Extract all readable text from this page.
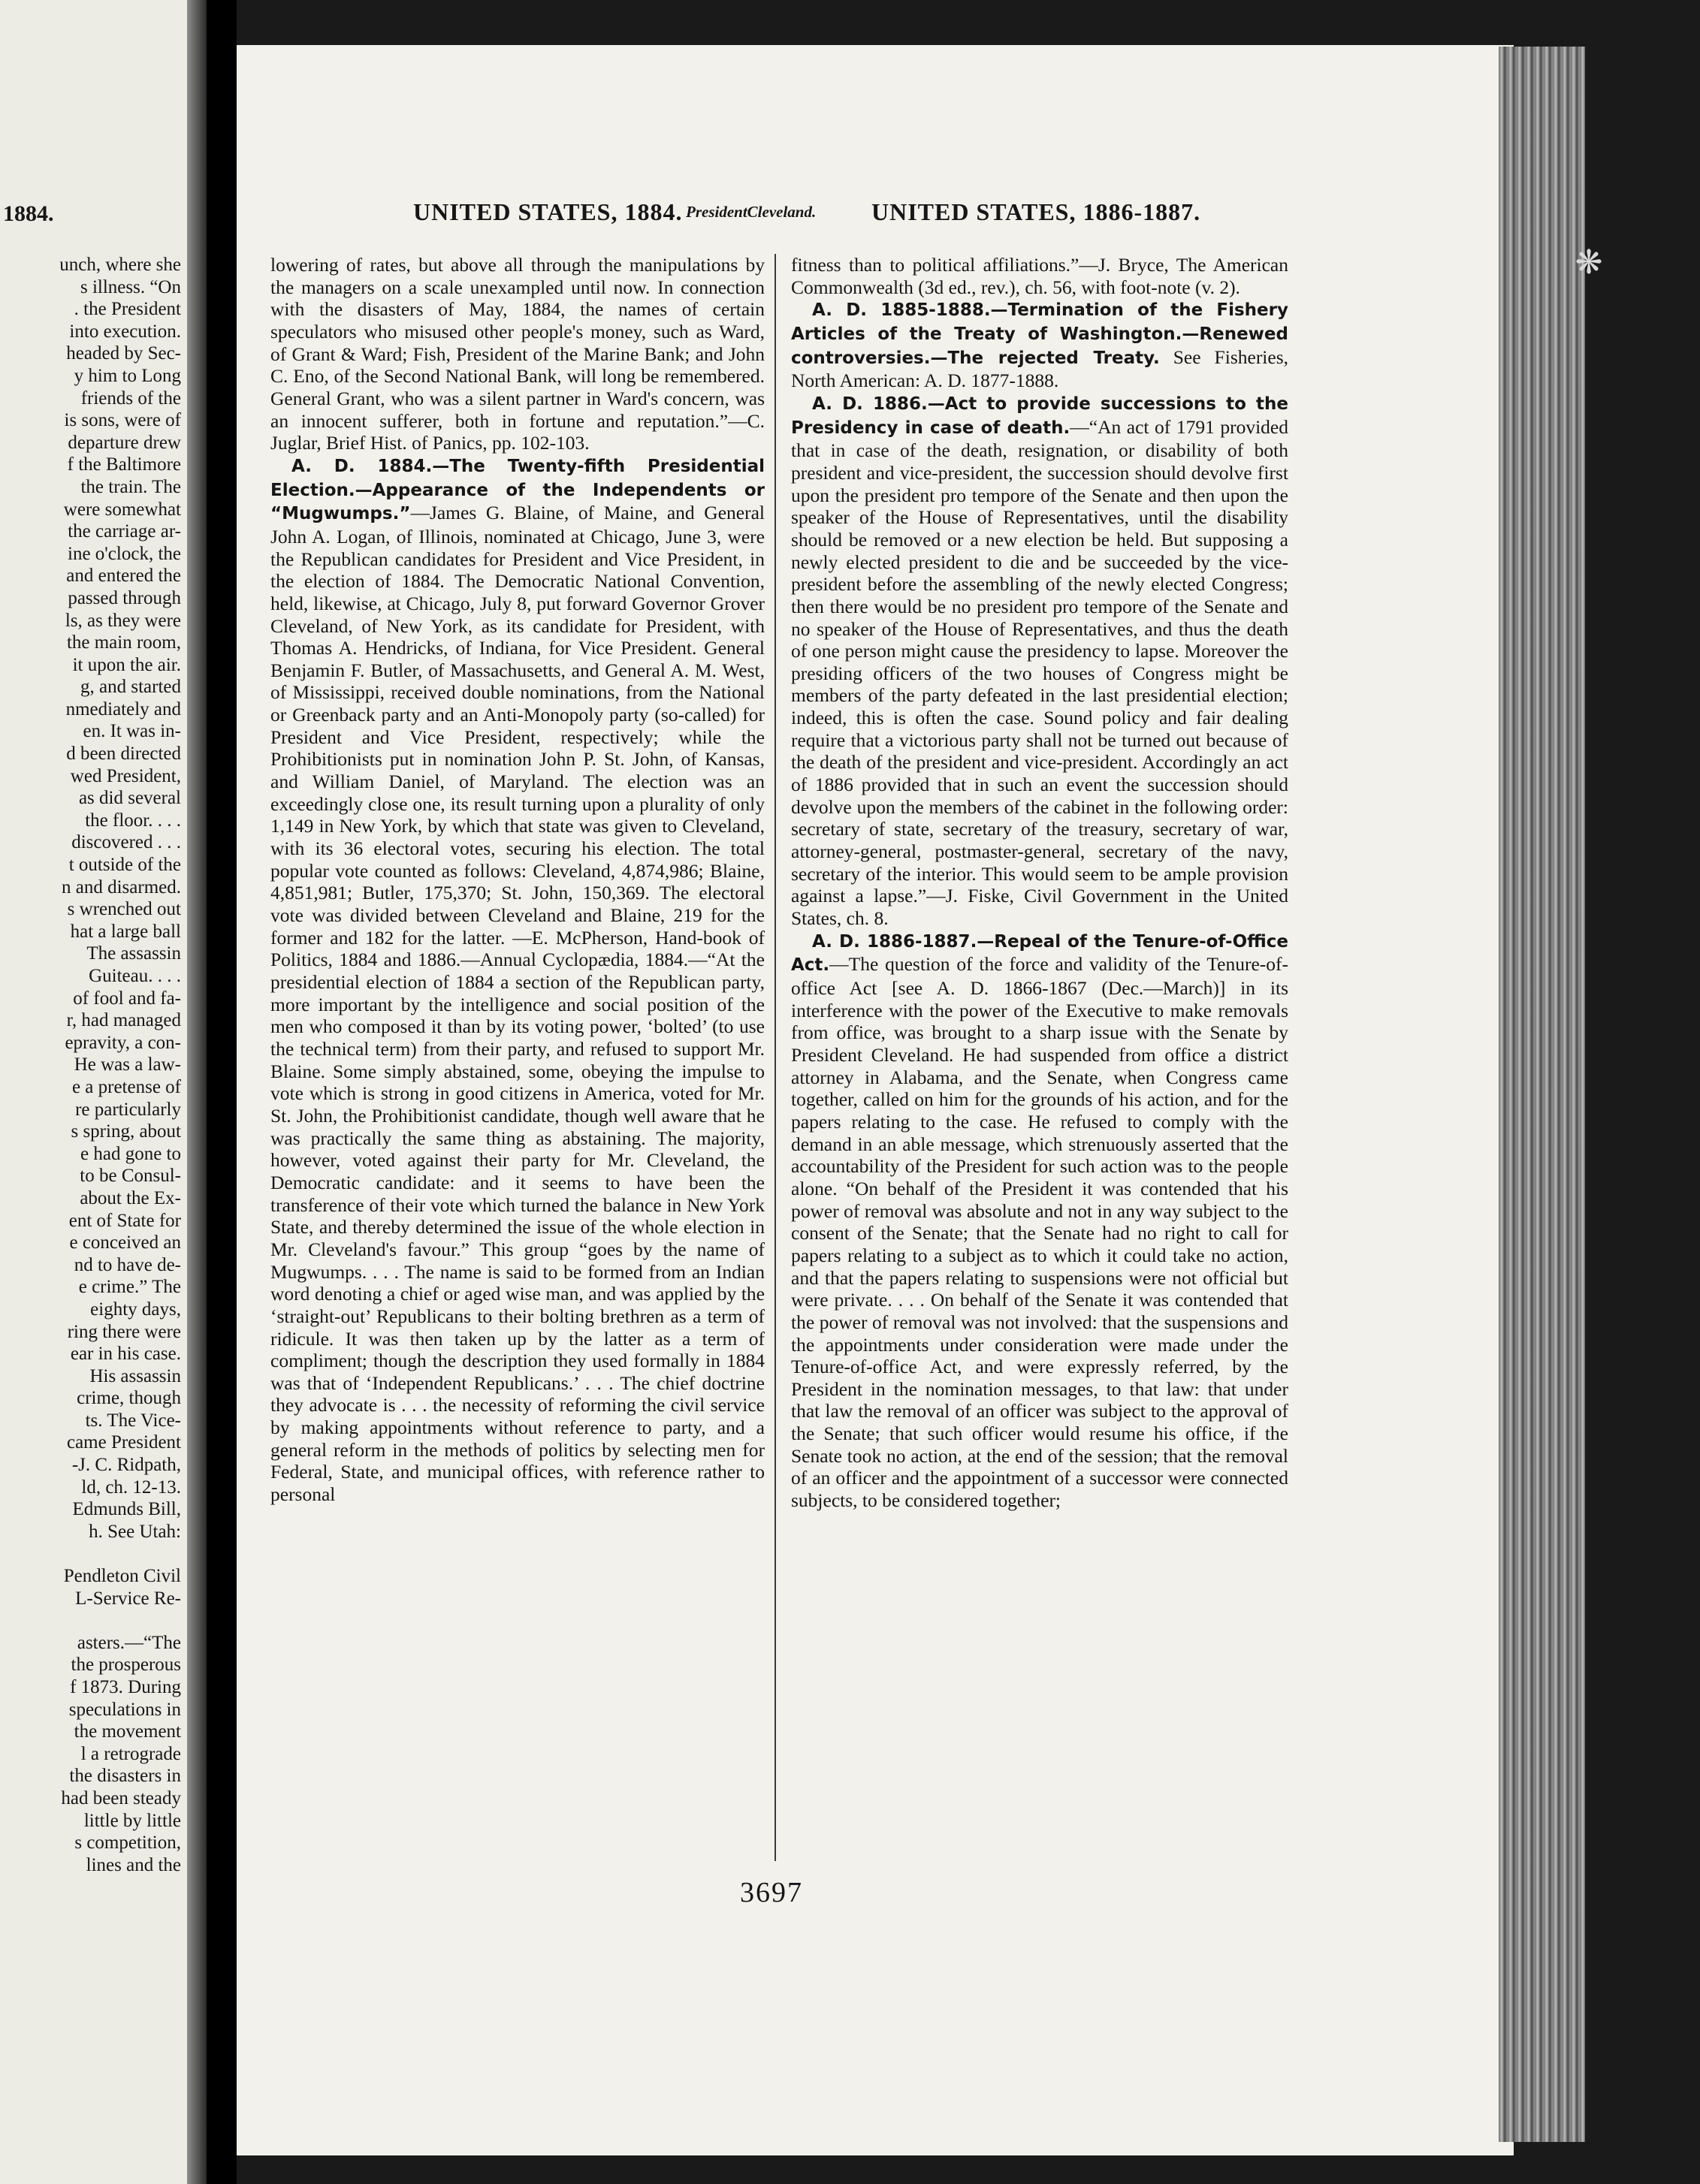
1884.
unch, where she
s illness. “On
. the President
into execution.
headed by Sec-
y him to Long
friends of the
is sons, were of
departure drew
f the Baltimore
the train. The
were somewhat
the carriage ar-
ine o'clock, the
and entered the
passed through
ls, as they were
the main room,
it upon the air.
g, and started
nmediately and
en. It was in-
d been directed
wed President,
as did several
the floor. . . .
discovered . . .
t outside of the
n and disarmed.
s wrenched out
hat a large ball
The assassin
Guiteau. . . .
of fool and fa-
r, had managed
epravity, a con-
He was a law-
e a pretense of
re particularly
s spring, about
e had gone to
to be Consul-
about the Ex-
ent of State for
e conceived an
nd to have de-
e crime.” The
eighty days,
ring there were
ear in his case.
His assassin
crime, though
ts. The Vice-
came President
-J. C. Ridpath,
ld, ch. 12-13.
Edmunds Bill,
h. See Utah:

Pendleton Civil
L-Service Re-

asters.—“The
the prosperous
f 1873. During
speculations in
the movement
l a retrograde
the disasters in
had been steady
little by little
s competition,
lines and the
❋
UNITED STATES, 1884. PresidentCleveland. UNITED STATES, 1886-1887.

lowering of rates, but above all through the manipulations by the managers on a scale unexampled until now. In connection with the disasters of May, 1884, the names of certain speculators who misused other people's money, such as Ward, of Grant & Ward; Fish, President of the Marine Bank; and John C. Eno, of the Second National Bank, will long be remembered. General Grant, who was a silent partner in Ward's concern, was an innocent sufferer, both in fortune and reputation.”—C. Juglar, Brief Hist. of Panics, pp. 102-103.

A. D. 1884.—The Twenty-fifth Presidential Election.—Appearance of the Independents or “Mugwumps.”—James G. Blaine, of Maine, and General John A. Logan, of Illinois, nominated at Chicago, June 3, were the Republican candidates for President and Vice President, in the election of 1884. The Democratic National Convention, held, likewise, at Chicago, July 8, put forward Governor Grover Cleveland, of New York, as its candidate for President, with Thomas A. Hendricks, of Indiana, for Vice President. General Benjamin F. Butler, of Massachusetts, and General A. M. West, of Mississippi, received double nominations, from the National or Greenback party and an Anti-Monopoly party (so-called) for President and Vice President, respectively; while the Prohibitionists put in nomination John P. St. John, of Kansas, and William Daniel, of Maryland. The election was an exceedingly close one, its result turning upon a plurality of only 1,149 in New York, by which that state was given to Cleveland, with its 36 electoral votes, securing his election. The total popular vote counted as follows: Cleveland, 4,874,986; Blaine, 4,851,981; Butler, 175,370; St. John, 150,369. The electoral vote was divided between Cleveland and Blaine, 219 for the former and 182 for the latter. —E. McPherson, Hand-book of Politics, 1884 and 1886.—Annual Cyclopædia, 1884.—“At the presidential election of 1884 a section of the Republican party, more important by the intelligence and social position of the men who composed it than by its voting power, ‘bolted’ (to use the technical term) from their party, and refused to support Mr. Blaine. Some simply abstained, some, obeying the impulse to vote which is strong in good citizens in America, voted for Mr. St. John, the Prohibitionist candidate, though well aware that he was practically the same thing as abstaining. The majority, however, voted against their party for Mr. Cleveland, the Democratic candidate: and it seems to have been the transference of their vote which turned the balance in New York State, and thereby determined the issue of the whole election in Mr. Cleveland's favour.” This group “goes by the name of Mugwumps. . . . The name is said to be formed from an Indian word denoting a chief or aged wise man, and was applied by the ‘straight-out’ Republicans to their bolting brethren as a term of ridicule. It was then taken up by the latter as a term of compliment; though the description they used formally in 1884 was that of ‘Independent Republicans.’ . . . The chief doctrine they advocate is . . . the necessity of reforming the civil service by making appointments without reference to party, and a general reform in the methods of politics by selecting men for Federal, State, and municipal offices, with reference rather to personal

fitness than to political affiliations.”—J. Bryce, The American Commonwealth (3d ed., rev.), ch. 56, with foot-note (v. 2).

A. D. 1885-1888.—Termination of the Fishery Articles of the Treaty of Washington.—Renewed controversies.—The rejected Treaty. See Fisheries, North American: A. D. 1877-1888.

A. D. 1886.—Act to provide successions to the Presidency in case of death.—“An act of 1791 provided that in case of the death, resignation, or disability of both president and vice-president, the succession should devolve first upon the president pro tempore of the Senate and then upon the speaker of the House of Representatives, until the disability should be removed or a new election be held. But supposing a newly elected president to die and be succeeded by the vice-president before the assembling of the newly elected Congress; then there would be no president pro tempore of the Senate and no speaker of the House of Representatives, and thus the death of one person might cause the presidency to lapse. Moreover the presiding officers of the two houses of Congress might be members of the party defeated in the last presidential election; indeed, this is often the case. Sound policy and fair dealing require that a victorious party shall not be turned out because of the death of the president and vice-president. Accordingly an act of 1886 provided that in such an event the succession should devolve upon the members of the cabinet in the following order: secretary of state, secretary of the treasury, secretary of war, attorney-general, postmaster-general, secretary of the navy, secretary of the interior. This would seem to be ample provision against a lapse.”—J. Fiske, Civil Government in the United States, ch. 8.

A. D. 1886-1887.—Repeal of the Tenure-of-Office Act.—The question of the force and validity of the Tenure-of-office Act [see A. D. 1866-1867 (Dec.—March)] in its interference with the power of the Executive to make removals from office, was brought to a sharp issue with the Senate by President Cleveland. He had suspended from office a district attorney in Alabama, and the Senate, when Congress came together, called on him for the grounds of his action, and for the papers relating to the case. He refused to comply with the demand in an able message, which strenuously asserted that the accountability of the President for such action was to the people alone. “On behalf of the President it was contended that his power of removal was absolute and not in any way subject to the consent of the Senate; that the Senate had no right to call for papers relating to a subject as to which it could take no action, and that the papers relating to suspensions were not official but were private. . . . On behalf of the Senate it was contended that the power of removal was not involved: that the suspensions and the appointments under consideration were made under the Tenure-of-office Act, and were expressly referred, by the President in the nomination messages, to that law: that under that law the removal of an officer was subject to the approval of the Senate; that such officer would resume his office, if the Senate took no action, at the end of the session; that the removal of an officer and the appointment of a successor were connected subjects, to be considered together;

3697
